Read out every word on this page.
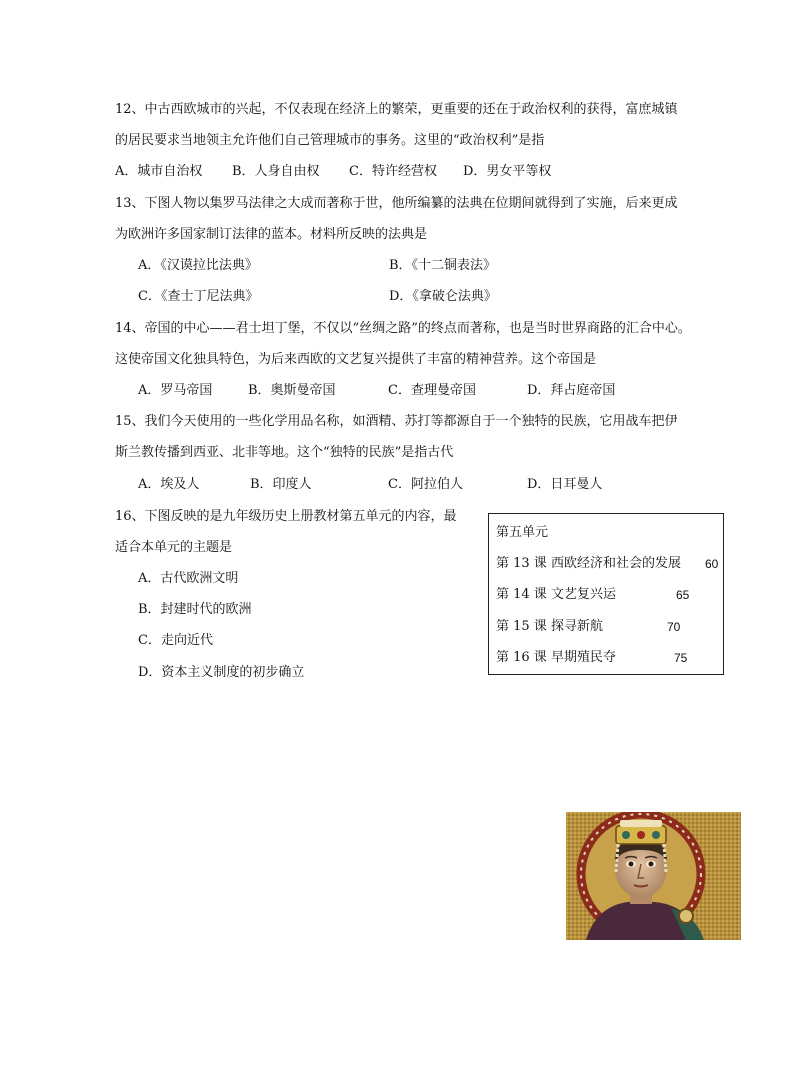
12、中古西欧城市的兴起，不仅表现在经济上的繁荣，更重要的还在于政治权利的获得，富庶城镇
的居民要求当地领主允许他们自己管理城市的事务。这里的“政治权利”是指
A．城市自治权 B．人身自由权 C．特许经营权 D．男女平等权
13、下图人物以集罗马法律之大成而著称于世，他所编纂的法典在位期间就得到了实施，后来更成
为欧洲许多国家制订法律的蓝本。材料所反映的法典是
A．《汉谟拉比法典》	B．《十二铜表法》
C．《查士丁尼法典》	D．《拿破仑法典》
14、帝国的中心——君士坦丁堡，不仅以“丝绸之路”的终点而著称，也是当时世界商路的汇合中心。
这使帝国文化独具特色，为后来西欧的文艺复兴提供了丰富的精神营养。这个帝国是
A．罗马帝国	B．奥斯曼帝国	C．查理曼帝国	D．拜占庭帝国
15、我们今天使用的一些化学用品名称，如酒精、苏打等都源自于一个独特的民族，它用战车把伊
斯兰教传播到西亚、北非等地。这个“独特的民族”是指古代
A．埃及人	B．印度人	C．阿拉伯人	D．日耳曼人
16、下图反映的是九年级历史上册教材第五单元的内容，最
适合本单元的主题是
A．古代欧洲文明
B．封建时代的欧洲
C．走向近代
D．资本主义制度的初步确立
第五单元
第 13 课 西欧经济和社会的发展 60
第 14 课 文艺复兴运	65
第 15 课 探寻新航	70
第 16 课 早期殖民夺	75
